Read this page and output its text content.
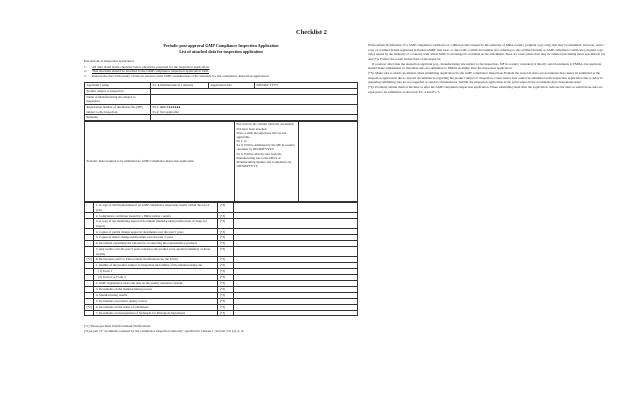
Checklist 2
Periodic post-approval GMP Compliance Inspection Application
List of attached data for inspection application
Precautions at inspection application
1.	All data listed in the checklist below should be prepared for the inspection application.
2.	This checklist should be attached to the GMP compliance inspection application form.
3.	Prepare the data with plenty of time in advance with GMP consideration of the schedule for the compliance inspection application.
Applicant’s name	Ex. ● Pharmaceutical Company	Application date	DD/MM/ YYYY
Product subject to inspection			
Name of Manufacturing site subject to inspection			
Registration number of the Master file (MF) subject to the inspection	Ex.1: ●●U/F●●●●●●
Ex.2: Not applicable		

Remarks			
Periodic: Data required to be submitted for GMP Compliance inspection application	
Put circle in the column when the documents that have been attached.
Draw a slash through those that are not applicable.
Ex 1: O
Ex 4: Will be submitted by the MF in-country caretaker by DD/MM/YYYY
Ex 5: Will be directly sent from the manufacturing site to the Office of Manufacturing Quality and Compliance by DD/MM/YYYY

	1. A copy of Notification/Report on GMP compliance inspection results within the past 2 years	(*3)	
	2. Compliance certificate issued by a MRA partner country	(*3)	
	3. A copy of the marketing approval document (manufacturing notification of drugs for export)	(*3)	
	4. Copies of partial change approval documents over the past 5 years	(*3)	
	5. Copies of minor change notifications over the past 5 years	(*3)	
	6. Document explaining the rational for re-selecting the representative products	(*3)	
	7. Any recalls over the past 5 years related to the product to be applied (summary of those recalls)	(*3)	
(*2)	8. Declaration (refer to Enforcement Notifications for the Form)	(*3)	
	1. Outline of the product subject to inspection and outline of the manufacturing site	(*3)	
	(1) Form 1	(*3)	
	(2) Form 2 or Form 3	(*3)	
	2. GMP organization chart and data on the quality assurance system	(*3)	
	3. Documents on the manufacturing process	(*3)	
	4. Manufacturing results	(*3)	
	5. Documents on product quality review	(*3)	
(*2)	6. Documents on the status of validations	(*3)	
	7. Documents on management of Standards for Biological Ingredients	(*3)	
(*1) Those specified in Enforcement Notifications.
(*2) A part of “documents required by the compliance inspection authority” specified in Chapter 1, Section 3-9, (2), ii. in

Enforcement Notification. If a GMP compliance certificate of a MRA product issued by the authority of MRA country (original copy only) that may be submitted, however, with a copy of certified details registered in Euden GMDP data base, or data with a certificate number (for referring to the certified details) or GMP compliance certificate (original copy only) issued by the authority of a country with which MOU is exchanged is available as the attachment, there are cases where data may be omitted (excluding those specified in (3) and (7)). Follow the actual instructions of the inspector.

If a person other than the inspection applicant (e.g., manufacturing site subject to the inspection, MF in-country caretaker) is directly send documents to PMDA, the applicant should make adjustments so that these data are submitted to PMDA promptly after the inspection application.

(*3): Make sure to attach documents when submitting application for the GMP compliance inspection. Explain the reason if there are documents that cannot be submitted at the inspection application due to special circumstances regarding the product subject to inspection. Cases where data cannot be submitted at the inspection application due to delay in preparing submitting data are not regarded as special circumstances. Submit the inspection application at the point when all the documents have been made ready.

(*4): Promptly submit them at the time or after the GMP compliance inspection application. When submitting them after the application, indicate the date on which those data are expected to be submitted, as shown in Ex. 4 and Ex. 5.
